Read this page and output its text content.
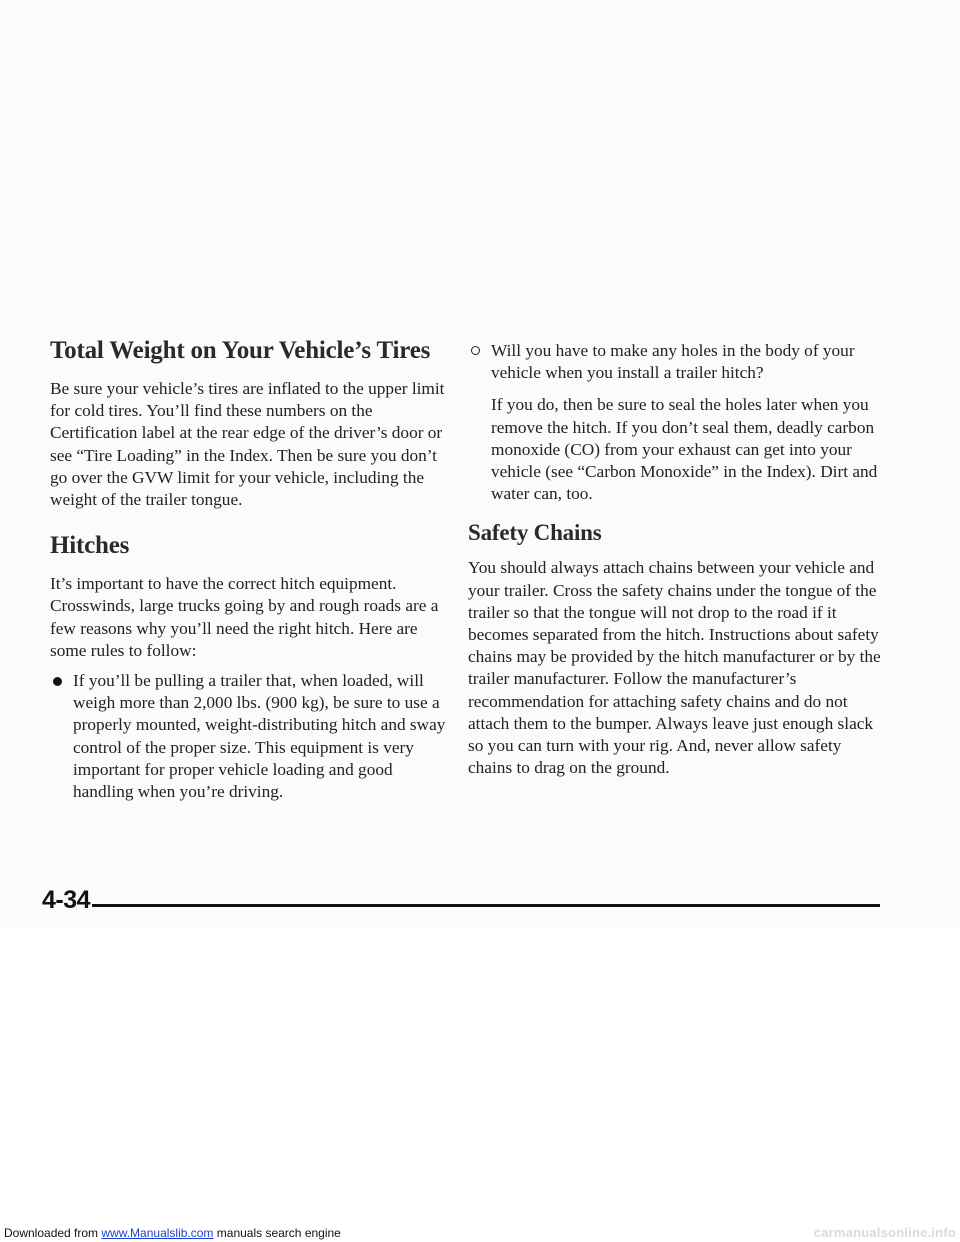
Total Weight on Your Vehicle’s Tires

Be sure your vehicle’s tires are inflated to the upper limit for cold tires. You’ll find these numbers on the Certification label at the rear edge of the driver’s door or see “Tire Loading” in the Index. Then be sure you don’t go over the GVW limit for your vehicle, including the weight of the trailer tongue.

Hitches

It’s important to have the correct hitch equipment. Crosswinds, large trucks going by and rough roads are a few reasons why you’ll need the right hitch. Here are some rules to follow:

If you’ll be pulling a trailer that, when loaded, will weigh more than 2,000 lbs. (900 kg), be sure to use a properly mounted, weight-distributing hitch and sway control of the proper size. This equipment is very important for proper vehicle loading and good handling when you’re driving.

Will you have to make any holes in the body of your vehicle when you install a trailer hitch?

If you do, then be sure to seal the holes later when you remove the hitch. If you don’t seal them, deadly carbon monoxide (CO) from your exhaust can get into your vehicle (see “Carbon Monoxide” in the Index). Dirt and water can, too.

Safety Chains

You should always attach chains between your vehicle and your trailer. Cross the safety chains under the tongue of the trailer so that the tongue will not drop to the road if it becomes separated from the hitch. Instructions about safety chains may be provided by the hitch manufacturer or by the trailer manufacturer. Follow the manufacturer’s recommendation for attaching safety chains and do not attach them to the bumper. Always leave just enough slack so you can turn with your rig. And, never allow safety chains to drag on the ground.

4-34
Downloaded from www.Manualslib.com manuals search engine	carmanualsonline.info
